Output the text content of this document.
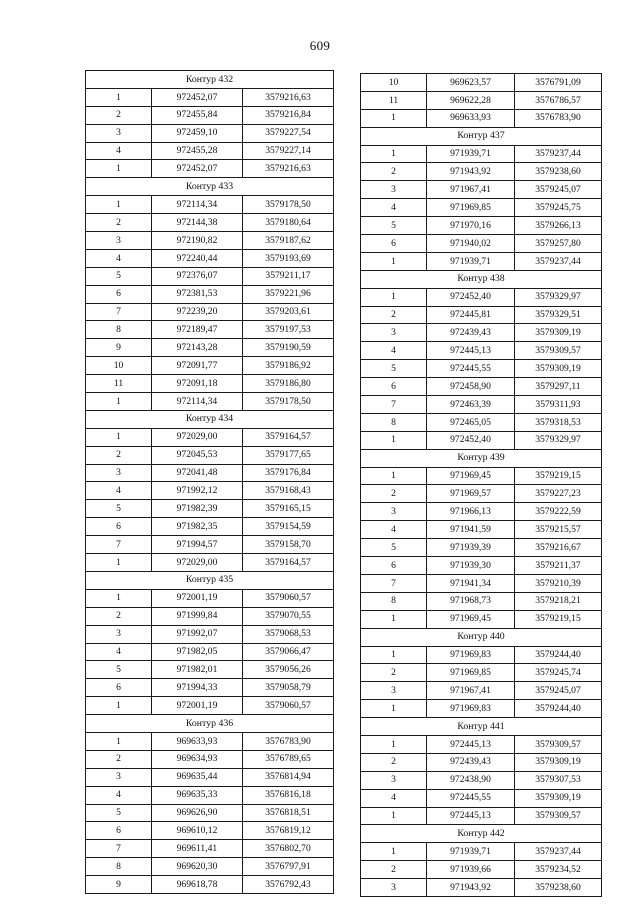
609
Контур 432		
1	972452,07	3579216,63
2	972455,84	3579216,84
3	972459,10	3579227,54
4	972455,28	3579227,14
1	972452,07	3579216,63
Контур 433		
1	972114,34	3579178,50
2	972144,38	3579180,64
3	972190,82	3579187,62
4	972240,44	3579193,69
5	972376,07	3579211,17
6	972381,53	3579221,96
7	972239,20	3579203,61
8	972189,47	3579197,53
9	972143,28	3579190,59
10	972091,77	3579186,92
11	972091,18	3579186,80
1	972114,34	3579178,50
Контур 434		
1	972029,00	3579164,57
2	972045,53	3579177,65
3	972041,48	3579176,84
4	971992,12	3579168,43
5	971982,39	3579165,15
6	971982,35	3579154,59
7	971994,57	3579158,70
1	972029,00	3579164,57
Контур 435		
1	972001,19	3579060,57
2	971999,84	3579070,55
3	971992,07	3579068,53
4	971982,05	3579066,47
5	971982,01	3579056,26
6	971994,33	3579058,79
1	972001,19	3579060,57
Контур 436		
1	969633,93	3576783,90
2	969634,93	3576789,65
3	969635,44	3576814,94
4	969635,33	3576816,18
5	969626,90	3576818,51
6	969610,12	3576819,12
7	969611,41	3576802,70
8	969620,30	3576797,91
9	969618,78	3576792,43
10	969623,57	3576791,09
11	969622,28	3576786,57
1	969633,93	3576783,90
Контур 437		
1	971939,71	3579237,44
2	971943,92	3579238,60
3	971967,41	3579245,07
4	971969,85	3579245,75
5	971970,16	3579266,13
6	971940,02	3579257,80
1	971939,71	3579237,44
Контур 438		
1	972452,40	3579329,97
2	972445,81	3579329,51
3	972439,43	3579309,19
4	972445,13	3579309,57
5	972445,55	3579309,19
6	972458,90	3579297,11
7	972463,39	3579311,93
8	972465,05	3579318,53
1	972452,40	3579329,97
Контур 439		
1	971969,45	3579219,15
2	971969,57	3579227,23
3	971966,13	3579222,59
4	971941,59	3579215,57
5	971939,39	3579216,67
6	971939,30	3579211,37
7	971941,34	3579210,39
8	971968,73	3579218,21
1	971969,45	3579219,15
Контур 440		
1	971969,83	3579244,40
2	971969,85	3579245,74
3	971967,41	3579245,07
1	971969,83	3579244,40
Контур 441		
1	972445,13	3579309,57
2	972439,43	3579309,19
3	972438,90	3579307,53
4	972445,55	3579309,19
1	972445,13	3579309,57
Контур 442		
1	971939,71	3579237,44
2	971939,66	3579234,52
3	971943,92	3579238,60
